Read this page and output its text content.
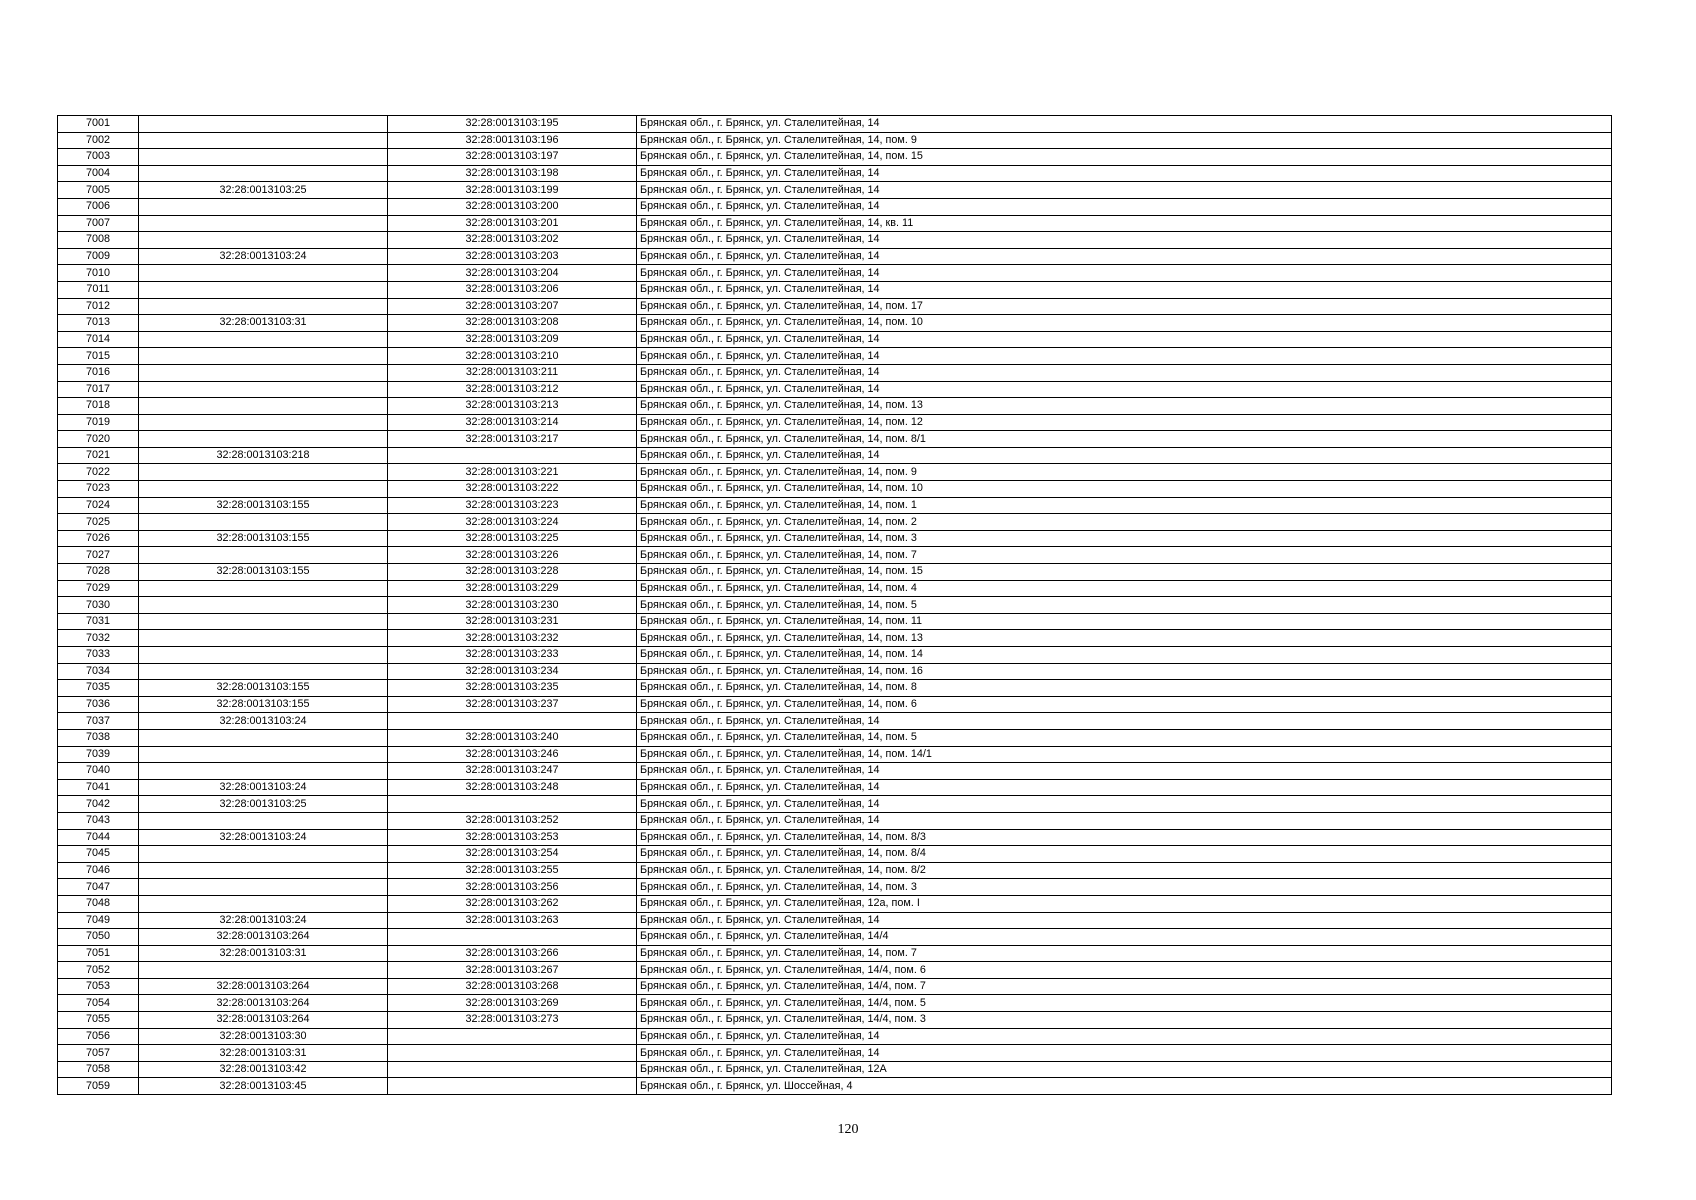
7001		32:28:0013103:195	Брянская обл., г. Брянск, ул. Сталелитейная, 14
7002		32:28:0013103:196	Брянская обл., г. Брянск, ул. Сталелитейная, 14, пом. 9
7003		32:28:0013103:197	Брянская обл., г. Брянск, ул. Сталелитейная, 14, пом. 15
7004		32:28:0013103:198	Брянская обл., г. Брянск, ул. Сталелитейная, 14
7005	32:28:0013103:25	32:28:0013103:199	Брянская обл., г. Брянск, ул. Сталелитейная, 14
7006		32:28:0013103:200	Брянская обл., г. Брянск, ул. Сталелитейная, 14
7007		32:28:0013103:201	Брянская обл., г. Брянск, ул. Сталелитейная, 14, кв. 11
7008		32:28:0013103:202	Брянская обл., г. Брянск, ул. Сталелитейная, 14
7009	32:28:0013103:24	32:28:0013103:203	Брянская обл., г. Брянск, ул. Сталелитейная, 14
7010		32:28:0013103:204	Брянская обл., г. Брянск, ул. Сталелитейная, 14
7011		32:28:0013103:206	Брянская обл., г. Брянск, ул. Сталелитейная, 14
7012		32:28:0013103:207	Брянская обл., г. Брянск, ул. Сталелитейная, 14, пом. 17
7013	32:28:0013103:31	32:28:0013103:208	Брянская обл., г. Брянск, ул. Сталелитейная, 14, пом. 10
7014		32:28:0013103:209	Брянская обл., г. Брянск, ул. Сталелитейная, 14
7015		32:28:0013103:210	Брянская обл., г. Брянск, ул. Сталелитейная, 14
7016		32:28:0013103:211	Брянская обл., г. Брянск, ул. Сталелитейная, 14
7017		32:28:0013103:212	Брянская обл., г. Брянск, ул. Сталелитейная, 14
7018		32:28:0013103:213	Брянская обл., г. Брянск, ул. Сталелитейная, 14, пом. 13
7019		32:28:0013103:214	Брянская обл., г. Брянск, ул. Сталелитейная, 14, пом. 12
7020		32:28:0013103:217	Брянская обл., г. Брянск, ул. Сталелитейная, 14, пом. 8/1
7021	32:28:0013103:218		Брянская обл., г. Брянск, ул. Сталелитейная, 14
7022		32:28:0013103:221	Брянская обл., г. Брянск, ул. Сталелитейная, 14, пом. 9
7023		32:28:0013103:222	Брянская обл., г. Брянск, ул. Сталелитейная, 14, пом. 10
7024	32:28:0013103:155	32:28:0013103:223	Брянская обл., г. Брянск, ул. Сталелитейная, 14, пом. 1
7025		32:28:0013103:224	Брянская обл., г. Брянск, ул. Сталелитейная, 14, пом. 2
7026	32:28:0013103:155	32:28:0013103:225	Брянская обл., г. Брянск, ул. Сталелитейная, 14, пом. 3
7027		32:28:0013103:226	Брянская обл., г. Брянск, ул. Сталелитейная, 14, пом. 7
7028	32:28:0013103:155	32:28:0013103:228	Брянская обл., г. Брянск, ул. Сталелитейная, 14, пом. 15
7029		32:28:0013103:229	Брянская обл., г. Брянск, ул. Сталелитейная, 14, пом. 4
7030		32:28:0013103:230	Брянская обл., г. Брянск, ул. Сталелитейная, 14, пом. 5
7031		32:28:0013103:231	Брянская обл., г. Брянск, ул. Сталелитейная, 14, пом. 11
7032		32:28:0013103:232	Брянская обл., г. Брянск, ул. Сталелитейная, 14, пом. 13
7033		32:28:0013103:233	Брянская обл., г. Брянск, ул. Сталелитейная, 14, пом. 14
7034		32:28:0013103:234	Брянская обл., г. Брянск, ул. Сталелитейная, 14, пом. 16
7035	32:28:0013103:155	32:28:0013103:235	Брянская обл., г. Брянск, ул. Сталелитейная, 14, пом. 8
7036	32:28:0013103:155	32:28:0013103:237	Брянская обл., г. Брянск, ул. Сталелитейная, 14, пом. 6
7037	32:28:0013103:24		Брянская обл., г. Брянск, ул. Сталелитейная, 14
7038		32:28:0013103:240	Брянская обл., г. Брянск, ул. Сталелитейная, 14, пом. 5
7039		32:28:0013103:246	Брянская обл., г. Брянск, ул. Сталелитейная, 14, пом. 14/1
7040		32:28:0013103:247	Брянская обл., г. Брянск, ул. Сталелитейная, 14
7041	32:28:0013103:24	32:28:0013103:248	Брянская обл., г. Брянск, ул. Сталелитейная, 14
7042	32:28:0013103:25		Брянская обл., г. Брянск, ул. Сталелитейная, 14
7043		32:28:0013103:252	Брянская обл., г. Брянск, ул. Сталелитейная, 14
7044	32:28:0013103:24	32:28:0013103:253	Брянская обл., г. Брянск, ул. Сталелитейная, 14, пом. 8/3
7045		32:28:0013103:254	Брянская обл., г. Брянск, ул. Сталелитейная, 14, пом. 8/4
7046		32:28:0013103:255	Брянская обл., г. Брянск, ул. Сталелитейная, 14, пом. 8/2
7047		32:28:0013103:256	Брянская обл., г. Брянск, ул. Сталелитейная, 14, пом. 3
7048		32:28:0013103:262	Брянская обл., г. Брянск, ул. Сталелитейная, 12а, пом. I
7049	32:28:0013103:24	32:28:0013103:263	Брянская обл., г. Брянск, ул. Сталелитейная, 14
7050	32:28:0013103:264		Брянская обл., г. Брянск, ул. Сталелитейная, 14/4
7051	32:28:0013103:31	32:28:0013103:266	Брянская обл., г. Брянск, ул. Сталелитейная, 14, пом. 7
7052		32:28:0013103:267	Брянская обл., г. Брянск, ул. Сталелитейная, 14/4, пом. 6
7053	32:28:0013103:264	32:28:0013103:268	Брянская обл., г. Брянск, ул. Сталелитейная, 14/4, пом. 7
7054	32:28:0013103:264	32:28:0013103:269	Брянская обл., г. Брянск, ул. Сталелитейная, 14/4, пом. 5
7055	32:28:0013103:264	32:28:0013103:273	Брянская обл., г. Брянск, ул. Сталелитейная, 14/4, пом. 3
7056	32:28:0013103:30		Брянская обл., г. Брянск, ул. Сталелитейная, 14
7057	32:28:0013103:31		Брянская обл., г. Брянск, ул. Сталелитейная, 14
7058	32:28:0013103:42		Брянская обл., г. Брянск, ул. Сталелитейная, 12А
7059	32:28:0013103:45		Брянская обл., г. Брянск, ул. Шоссейная, 4
120
